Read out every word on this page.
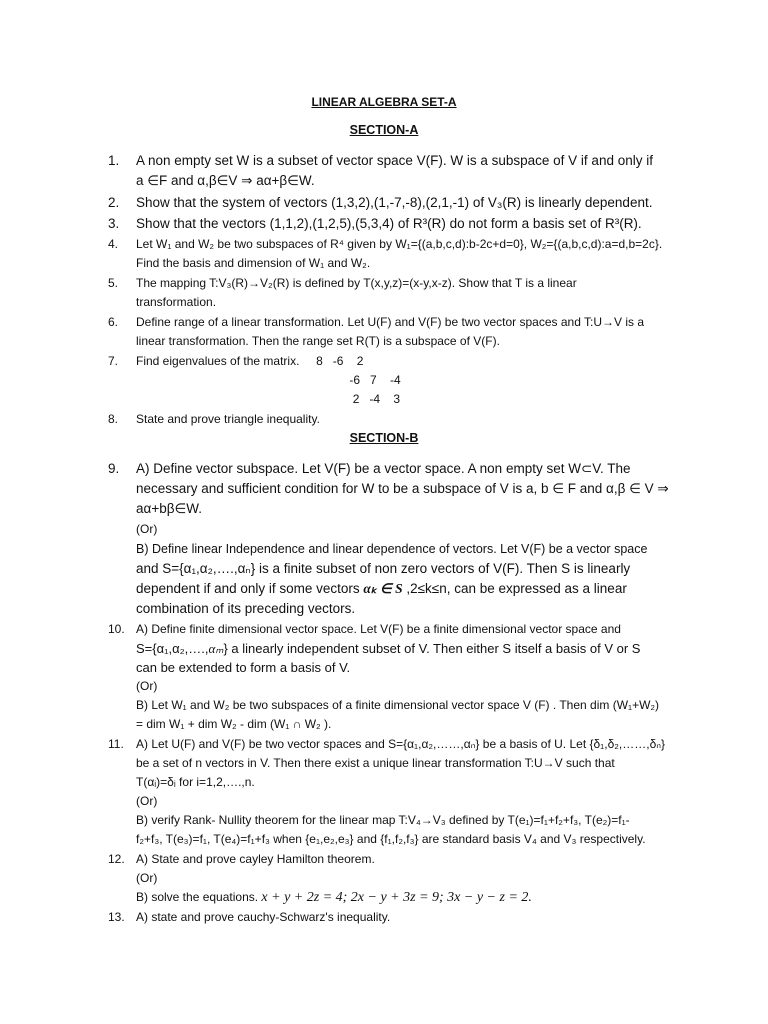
LINEAR ALGEBRA SET-A
SECTION-A
1.	A non empty set W is a subset of vector space V(F). W is a subspace of V if and only if
a ∈F and α,β∈V ⇒ aα+β∈W.
2.	Show that the system of vectors (1,3,2),(1,-7,-8),(2,1,-1) of V₃(R) is linearly dependent.
3.	Show that the vectors (1,1,2),(1,2,5),(5,3,4) of R³(R) do not form a basis set of R³(R).
4.	Let W₁ and W₂ be two subspaces of R⁴ given by W₁={(a,b,c,d):b-2c+d=0}, W₂={(a,b,c,d):a=d,b=2c}.
Find the basis and dimension of W₁ and W₂.
5.	The mapping T:V₃(R)→V₂(R) is defined by T(x,y,z)=(x-y,x-z). Show that T is a linear
transformation.
6.	Define range of a linear transformation. Let U(F) and V(F) be two vector spaces and T:U→V is a
linear transformation. Then the range set R(T) is a subspace of V(F).
7.	Find eigenvalues of the matrix.     8   -6    2
-6   7    -4
2   -4    3
8.	State and prove triangle inequality.
SECTION-B
9.	A) Define vector subspace. Let V(F) be a vector space. A non empty set W⊂V. The
necessary and sufficient condition for W to be a subspace of V is a, b ∈ F and α,β ∈ V ⇒
aα+bβ∈W.
(Or)
B) Define linear Independence and linear dependence of vectors. Let V(F) be a vector space
and S={α₁,α₂,….,αₙ} is a finite subset of non zero vectors of V(F). Then S is linearly
dependent if and only if some vectors αₖ ∈ S ,2≤k≤n, can be expressed as a linear
combination of its preceding vectors.
10. A) Define finite dimensional vector space. Let V(F) be a finite dimensional vector space and
S={α₁,α₂,….,αₘ} a linearly independent subset of V. Then either S itself a basis of V or S
can be extended to form a basis of V.
(Or)
B) Let W₁ and W₂ be two subspaces of a finite dimensional vector space V (F) . Then dim (W₁+W₂)
= dim W₁ + dim W₂ - dim (W₁ ∩ W₂ ).
11.	A) Let U(F) and V(F) be two vector spaces and S={α₁,α₂,……,αₙ} be a basis of U. Let {δ₁,δ₂,……,δₙ}
be a set of n vectors in V. Then there exist a unique linear transformation T:U→V such that
T(αᵢ)=δᵢ for i=1,2,….,n.
(Or)
B) verify Rank- Nullity theorem for the linear map T:V₄→V₃ defined by T(e₁)=f₁+f₂+f₃, T(e₂)=f₁-
f₂+f₃, T(e₃)=f₁, T(e₄)=f₁+f₃ when {e₁,e₂,e₃} and {f₁,f₂,f₃} are standard basis V₄ and V₃ respectively.
12. A) State and prove cayley Hamilton theorem.
(Or)
B) solve the equations. x + y + 2z = 4; 2x − y + 3z = 9; 3x − y − z = 2.
13. A) state and prove cauchy-Schwarz's inequality.
